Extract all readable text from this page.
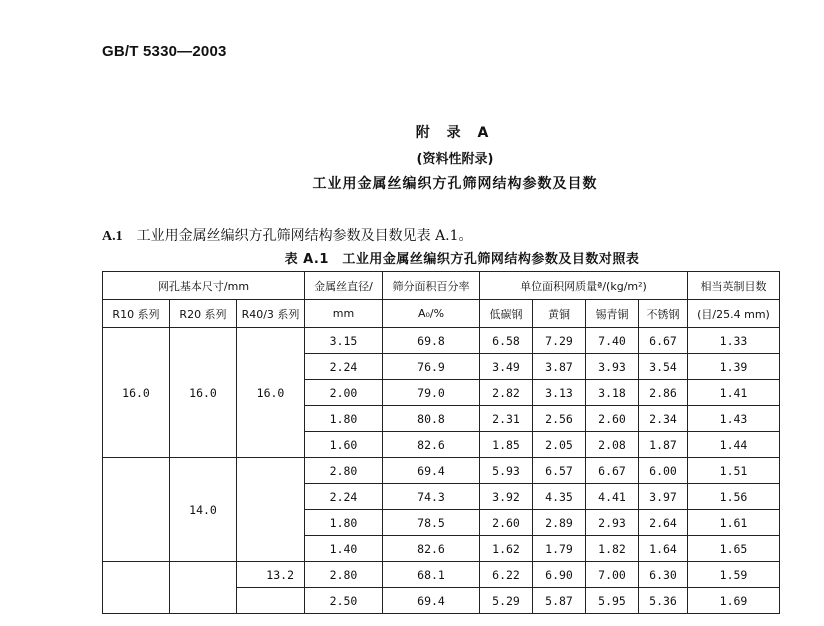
GB/T 5330—2003
附 录 A
(资料性附录)
工业用金属丝编织方孔筛网结构参数及目数
A.1 工业用金属丝编织方孔筛网结构参数及目数见表 A.1。
表 A.1　工业用金属丝编织方孔筛网结构参数及目数对照表
网孔基本尺寸/mm			金属丝直径/	筛分面积百分率	单位面积网质量ª/(kg/m²)				相当英制目数
R10 系列	R20 系列	R40/3 系列	mm	A₀/%	低碳钢	黄铜	锡青铜	不锈钢	(目/25.4 mm)
16.0	16.0	16.0	3.15	69.8	6.58	7.29	7.40	6.67	1.33
			2.24	76.9	3.49	3.87	3.93	3.54	1.39
			2.00	79.0	2.82	3.13	3.18	2.86	1.41
			1.80	80.8	2.31	2.56	2.60	2.34	1.43
			1.60	82.6	1.85	2.05	2.08	1.87	1.44
	14.0		2.80	69.4	5.93	6.57	6.67	6.00	1.51
			2.24	74.3	3.92	4.35	4.41	3.97	1.56
			1.80	78.5	2.60	2.89	2.93	2.64	1.61
			1.40	82.6	1.62	1.79	1.82	1.64	1.65
		13.2	2.80	68.1	6.22	6.90	7.00	6.30	1.59
			2.50	69.4	5.29	5.87	5.95	5.36	1.69
